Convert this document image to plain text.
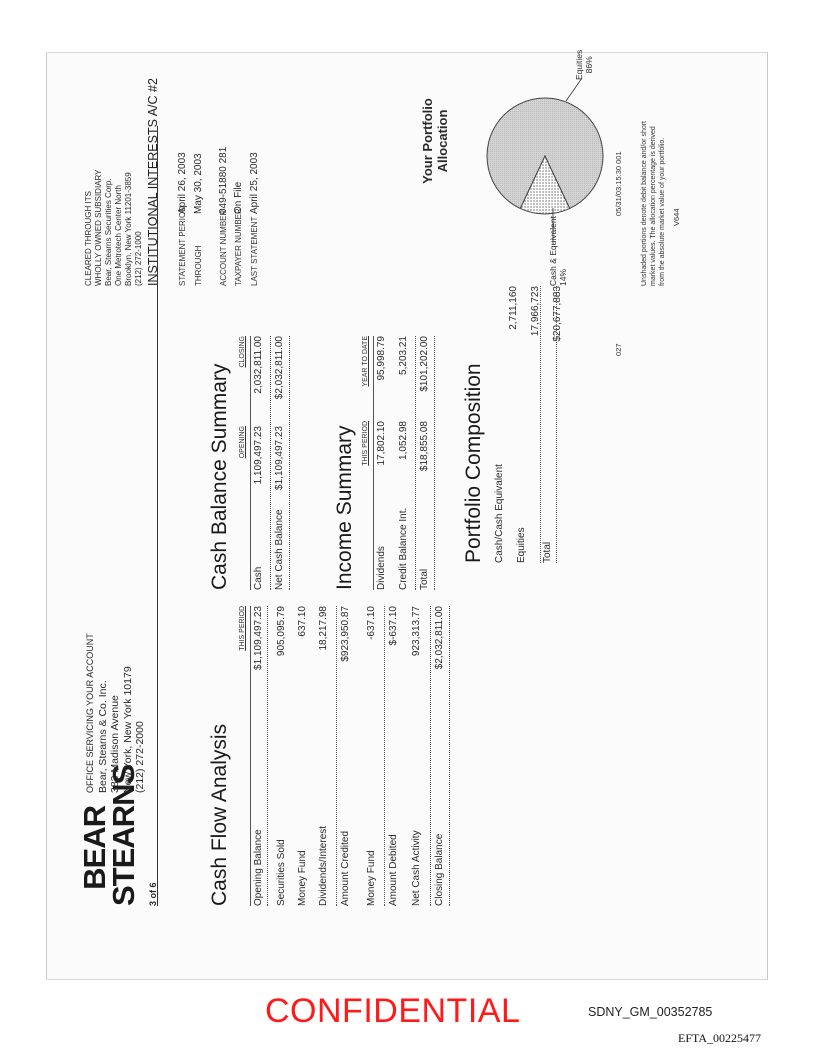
BEAR
STEARNS 3 of 6
OFFICE SERVICING YOUR ACCOUNT Bear, Stearns & Co. Inc. 383 Madison Avenue New York, New York 10179 (212) 272-2000
CLEARED THROUGH ITS WHOLLY OWNED SUBSIDIARY Bear, Stearns Securities Corp. One Metrotech Center North Brooklyn, New York 11201-3859 (212) 272-1000 INSTITUTIONAL INTERESTS A/C #2 STATEMENT PERIOD
April 26, 2003
THROUGH
May 30, 2003
ACCOUNT NUMBER
049-51880 281
TAXPAYER NUMBER
On File
LAST STATEMENT
April 25, 2003
Cash Flow Analysis
THIS PERIOD
Opening Balance
$1,109,497.23
Securities Sold
905,095.79
Money Fund
637.10
Dividends/Interest
18,217.98
Amount Credited
$923,950.87
Money Fund
-637.10
Amount Debited
$-637.10
Net Cash Activity
923,313.77
Closing Balance
$2,032,811.00
Cash Balance Summary OPENING
CLOSING
Cash
1,109,497.23
2,032,811.00
Net Cash Balance
$1,109,497.23
$2,032,811.00
Income Summary THIS PERIOD
YEAR TO DATE
Dividends
17,802.10
95,998.79
Credit Balance Int.
1,052.98
5,203.21
Total
$18,855.08
$101,202.00 Portfolio Composition Cash/Cash Equivalent Equities
2,711,160 17,966,723
Total
$20,677,883
027
05/31/03:15:30 001
Your Portfolio Allocation
Equities 86%
Cash & Equivalent 14%	Unshaded portions denote debit balance and/or short market values. The allocation percentage is derived from the absolute market value of your portfolio. V644
CONFIDENTIAL	SDNY_GM_00352785
EFTA_00225477
